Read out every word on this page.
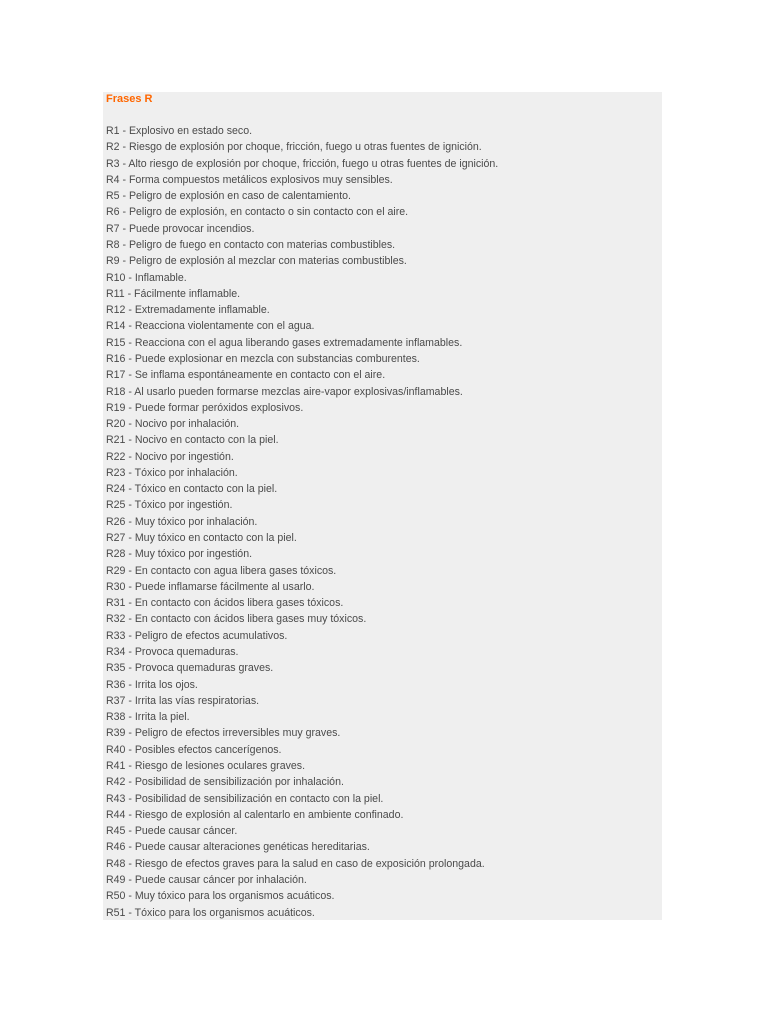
Frases R
R1 - Explosivo en estado seco.
R2 - Riesgo de explosión por choque, fricción, fuego u otras fuentes de ignición.
R3 - Alto riesgo de explosión por choque, fricción, fuego u otras fuentes de ignición.
R4 - Forma compuestos metálicos explosivos muy sensibles.
R5 - Peligro de explosión en caso de calentamiento.
R6 - Peligro de explosión, en contacto o sin contacto con el aire.
R7 - Puede provocar incendios.
R8 - Peligro de fuego en contacto con materias combustibles.
R9 - Peligro de explosión al mezclar con materias combustibles.
R10 - Inflamable.
R11 - Fácilmente inflamable.
R12 - Extremadamente inflamable.
R14 - Reacciona violentamente con el agua.
R15 - Reacciona con el agua liberando gases extremadamente inflamables.
R16 - Puede explosionar en mezcla con substancias comburentes.
R17 - Se inflama espontáneamente en contacto con el aire.
R18 - Al usarlo pueden formarse mezclas aire-vapor explosivas/inflamables.
R19 - Puede formar peróxidos explosivos.
R20 - Nocivo por inhalación.
R21 - Nocivo en contacto con la piel.
R22 - Nocivo por ingestión.
R23 - Tóxico por inhalación.
R24 - Tóxico en contacto con la piel.
R25 - Tóxico por ingestión.
R26 - Muy tóxico por inhalación.
R27 - Muy tóxico en contacto con la piel.
R28 - Muy tóxico por ingestión.
R29 - En contacto con agua libera gases tóxicos.
R30 - Puede inflamarse fácilmente al usarlo.
R31 - En contacto con ácidos libera gases tóxicos.
R32 - En contacto con ácidos libera gases muy tóxicos.
R33 - Peligro de efectos acumulativos.
R34 - Provoca quemaduras.
R35 - Provoca quemaduras graves.
R36 - Irrita los ojos.
R37 - Irrita las vías respiratorias.
R38 - Irrita la piel.
R39 - Peligro de efectos irreversibles muy graves.
R40 - Posibles efectos cancerígenos.
R41 - Riesgo de lesiones oculares graves.
R42 - Posibilidad de sensibilización por inhalación.
R43 - Posibilidad de sensibilización en contacto con la piel.
R44 - Riesgo de explosión al calentarlo en ambiente confinado.
R45 - Puede causar cáncer.
R46 - Puede causar alteraciones genéticas hereditarias.
R48 - Riesgo de efectos graves para la salud en caso de exposición prolongada.
R49 - Puede causar cáncer por inhalación.
R50 - Muy tóxico para los organismos acuáticos.
R51 - Tóxico para los organismos acuáticos.
